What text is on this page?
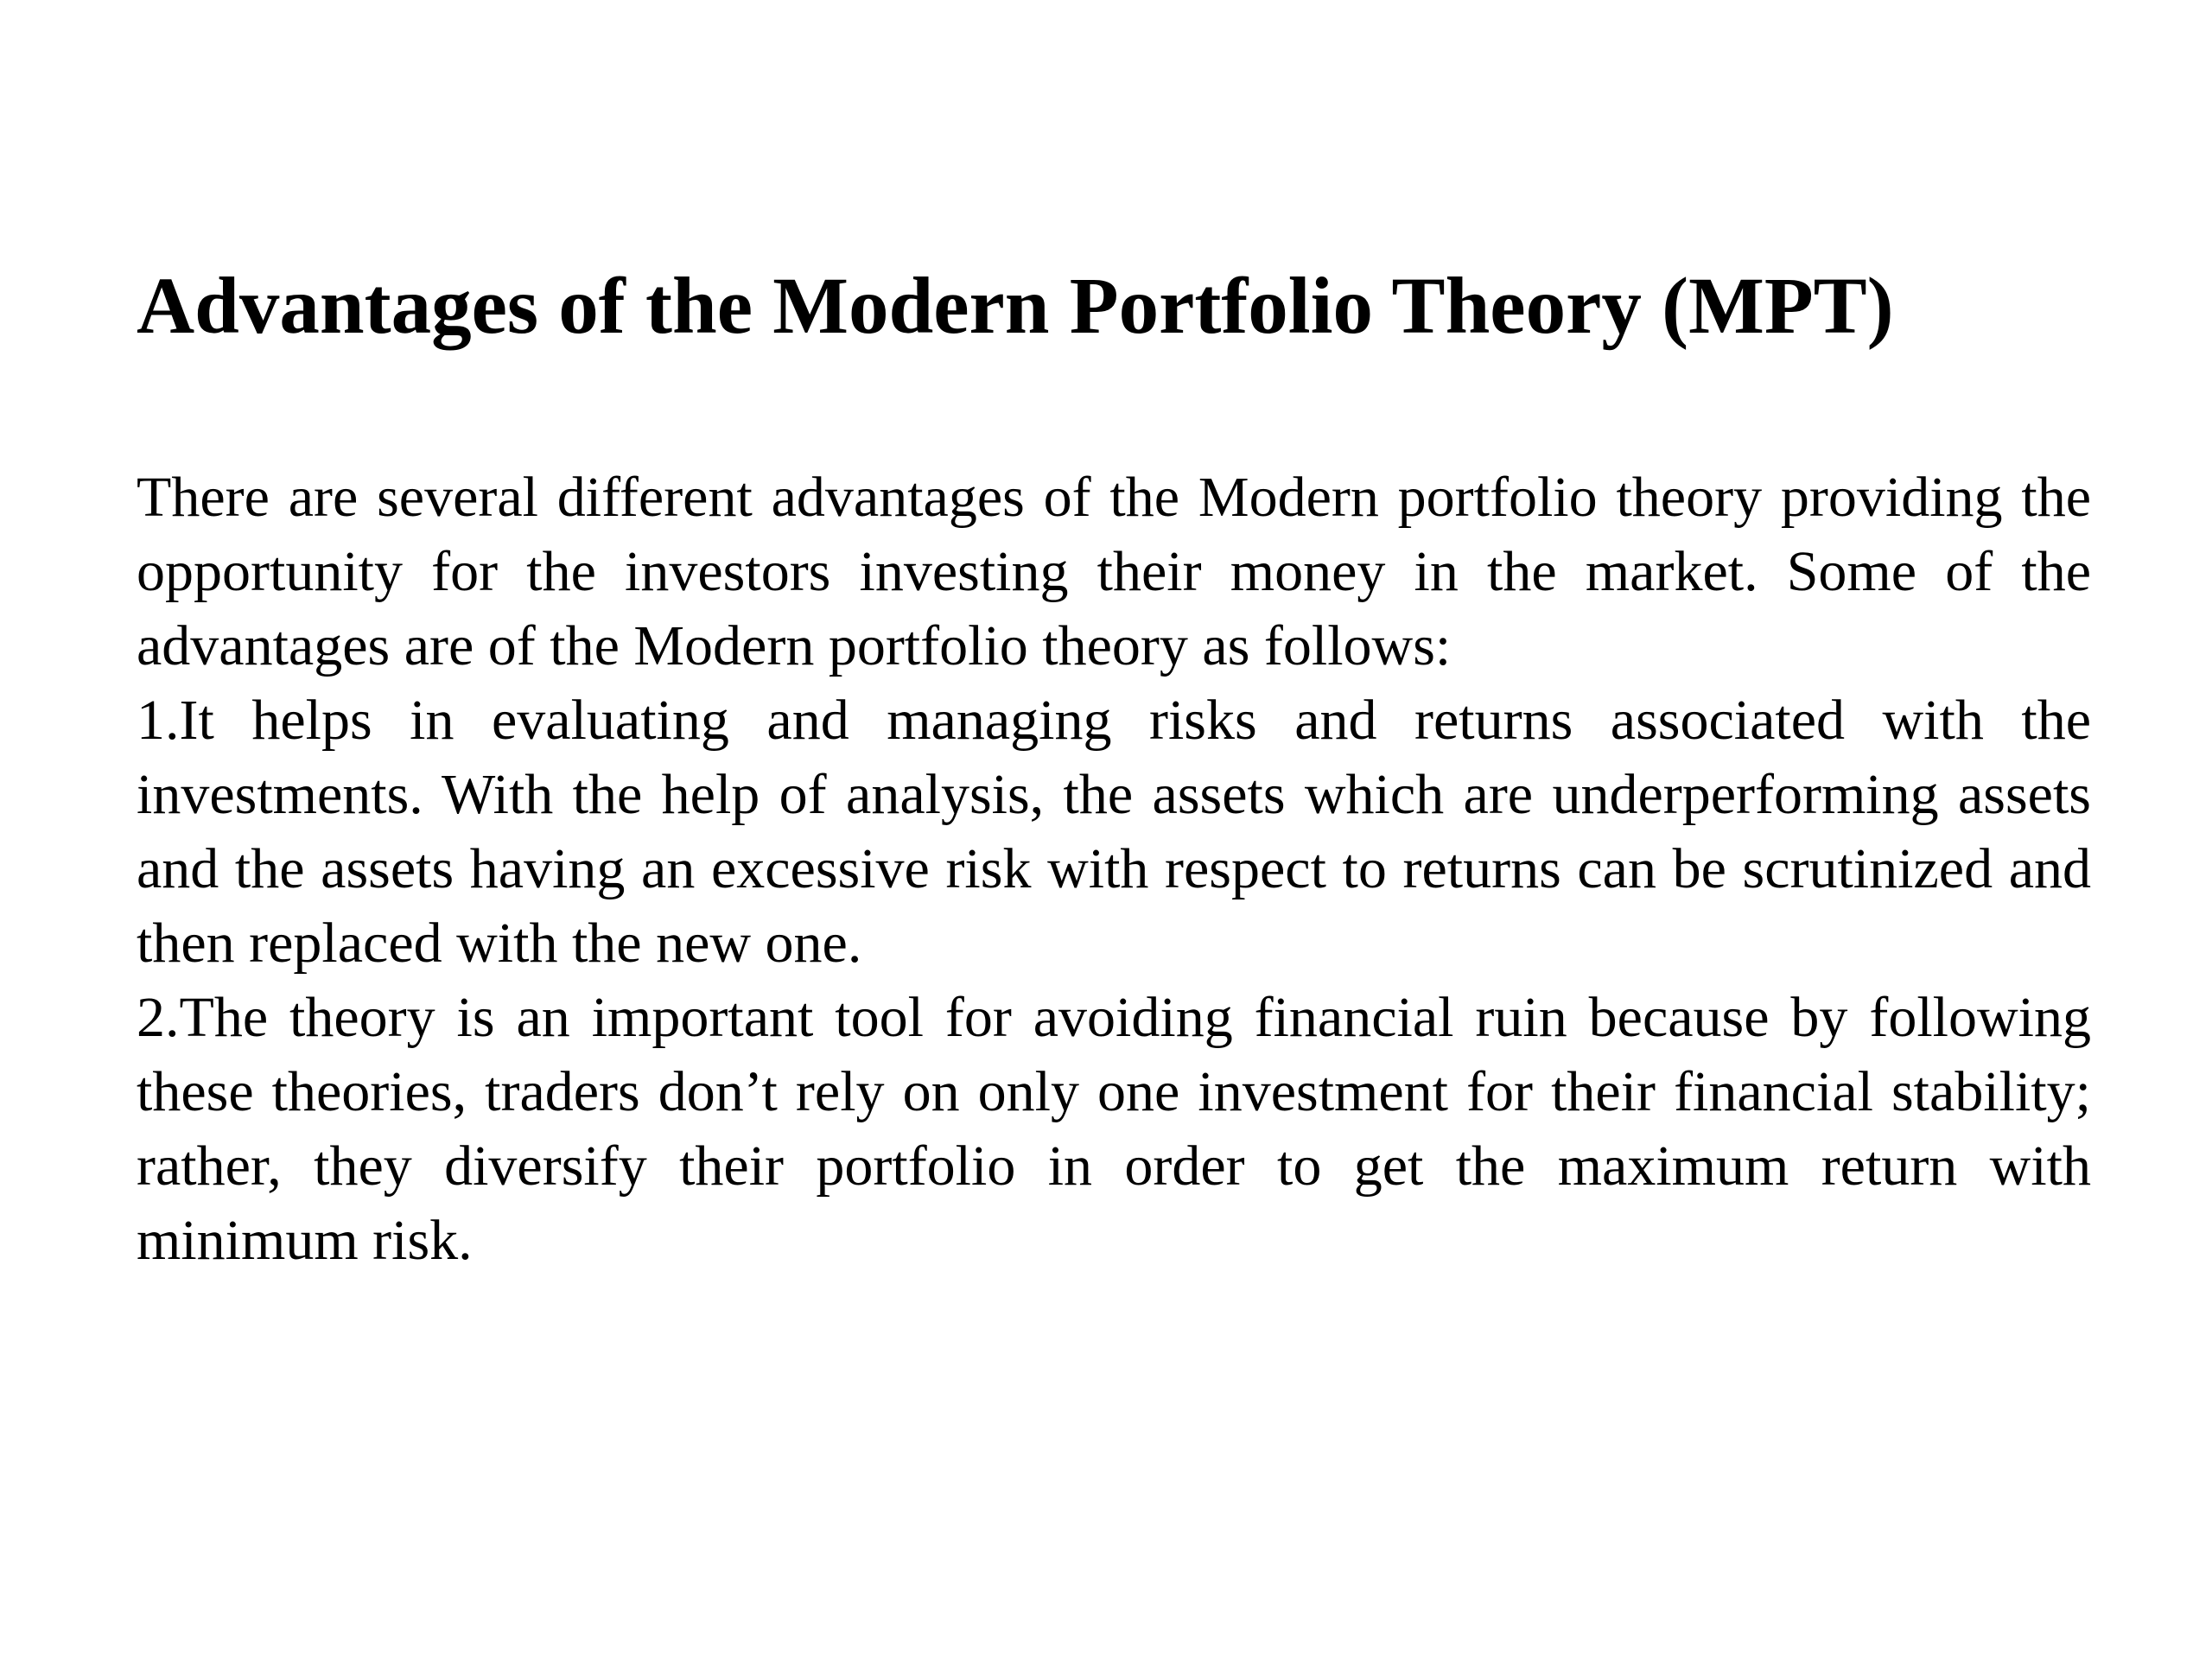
Advantages of the Modern Portfolio Theory (MPT)

There are several different advantages of the Modern portfolio theory providing the opportunity for the investors investing their money in the market. Some of the advantages are of the Modern portfolio theory as follows:

1.It helps in evaluating and managing risks and returns associated with the investments. With the help of analysis, the assets which are underperforming assets and the assets having an excessive risk with respect to returns can be scrutinized and then replaced with the new one.

2.The theory is an important tool for avoiding financial ruin because by following these theories, traders don’t rely on only one investment for their financial stability; rather, they diversify their portfolio in order to get the maximum return with minimum risk.
